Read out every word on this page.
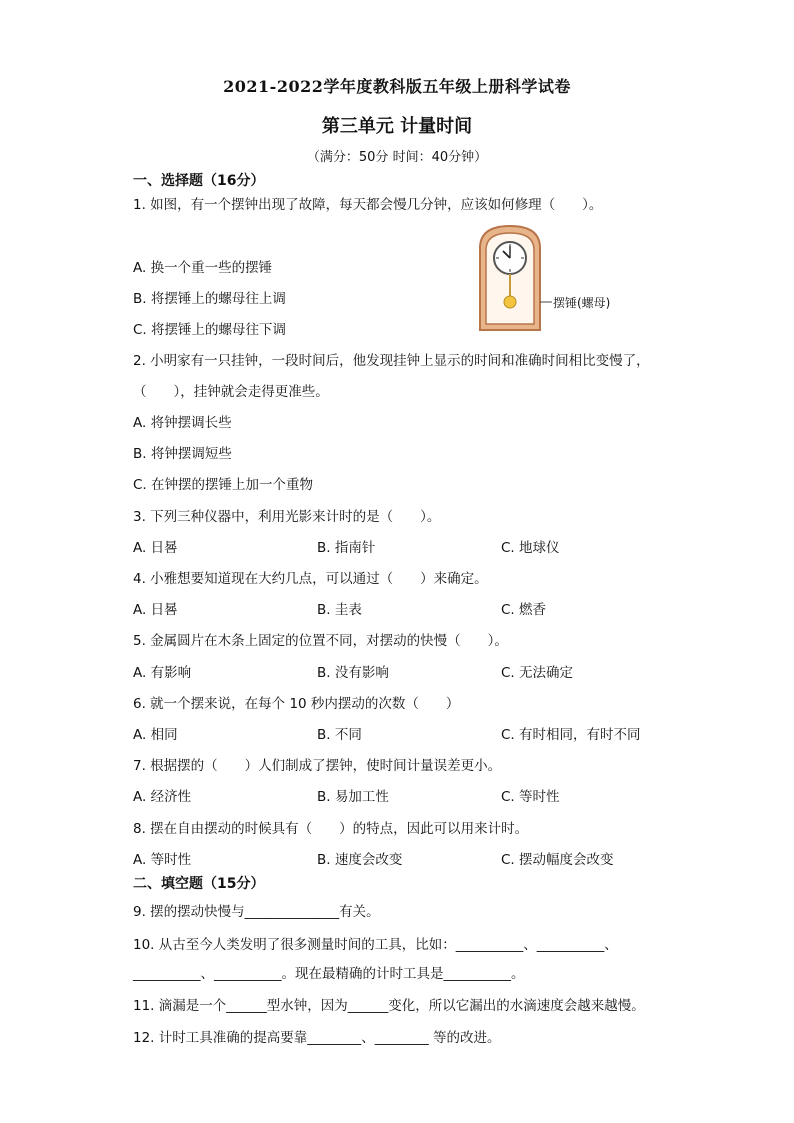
2021-2022学年度教科版五年级上册科学试卷
第三单元 计量时间
（满分：50分 时间：40分钟）
一、选择题（16分）
1. 如图，有一个摆钟出现了故障，每天都会慢几分钟，应该如何修理（　　）。
A. 换一个重一些的摆锤
B. 将摆锤上的螺母往上调
C. 将摆锤上的螺母往下调
摆锤(螺母)
2. 小明家有一只挂钟，一段时间后，他发现挂钟上显示的时间和准确时间相比变慢了，
（　　），挂钟就会走得更准些。
A. 将钟摆调长些
B. 将钟摆调短些
C. 在钟摆的摆锤上加一个重物
3. 下列三种仪器中，利用光影来计时的是（　　）。
A. 日晷	B. 指南针	C. 地球仪
4. 小雅想要知道现在大约几点，可以通过（　　）来确定。
A. 日晷	B. 圭表	C. 燃香
5. 金属圆片在木条上固定的位置不同，对摆动的快慢（　　）。
A. 有影响	B. 没有影响	C. 无法确定
6. 就一个摆来说，在每个 10 秒内摆动的次数（　　）
A. 相同	B. 不同	C. 有时相同，有时不同
7. 根据摆的（　　）人们制成了摆钟，使时间计量误差更小。
A. 经济性	B. 易加工性	C. 等时性
8. 摆在自由摆动的时候具有（　　）的特点，因此可以用来计时。
A. 等时性	B. 速度会改变	C. 摆动幅度会改变
二、填空题（15分）
9. 摆的摆动快慢与______________有关。
10. 从古至今人类发明了很多测量时间的工具，比如：__________、__________、
__________、__________。现在最精确的计时工具是__________。
11. 滴漏是一个______型水钟，因为______变化，所以它漏出的水滴速度会越来越慢。
12. 计时工具准确的提高要靠________、________ 等的改进。
